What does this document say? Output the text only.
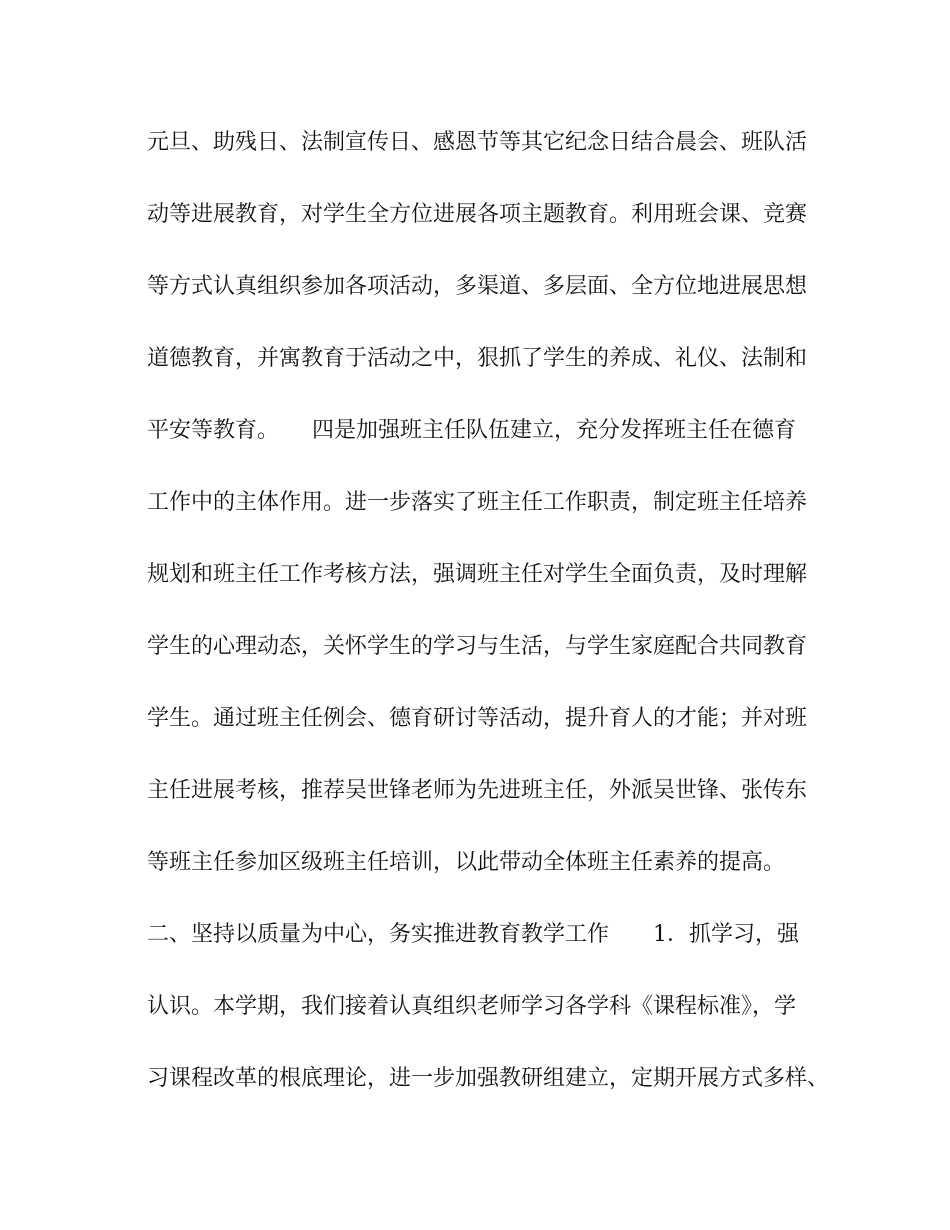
元旦、助残日、法制宣传日、感恩节等其它纪念日结合晨会、班队活

动等进展教育，对学生全方位进展各项主题教育。利用班会课、竞赛

等方式认真组织参加各项活动，多渠道、多层面、全方位地进展思想

道德教育，并寓教育于活动之中，狠抓了学生的养成、礼仪、法制和

平安等教育。　　四是加强班主任队伍建立，充分发挥班主任在德育

工作中的主体作用。进一步落实了班主任工作职责，制定班主任培养

规划和班主任工作考核方法，强调班主任对学生全面负责，及时理解

学生的心理动态，关怀学生的学习与生活，与学生家庭配合共同教育

学生。通过班主任例会、德育研讨等活动，提升育人的才能；并对班

主任进展考核，推荐吴世锋老师为先进班主任，外派吴世锋、张传东

等班主任参加区级班主任培训，以此带动全体班主任素养的提高。

二、坚持以质量为中心，务实推进教育教学工作　　1．抓学习，强

认识。本学期，我们接着认真组织老师学习各学科《课程标准》，学

习课程改革的根底理论，进一步加强教研组建立，定期开展方式多样、
